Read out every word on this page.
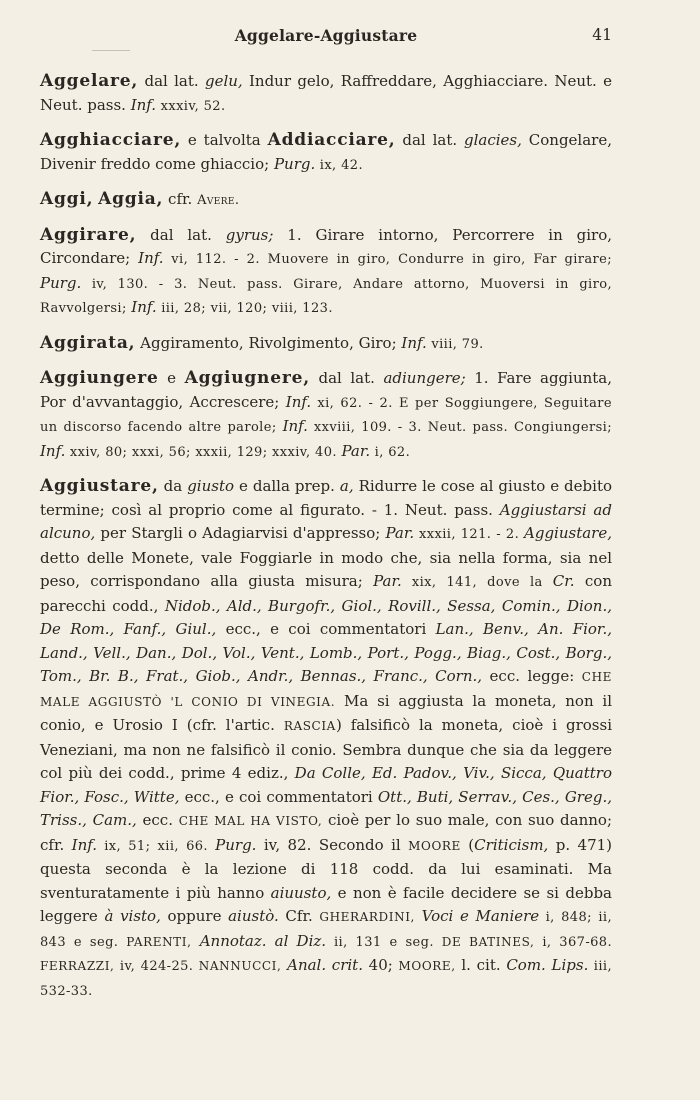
Aggelare-Aggiustare	41

Aggelare, dal lat. gelu, Indur gelo, Raffreddare, Agghiacciare. Neut. e Neut. pass. Inf. xxxiv, 52.

Agghiacciare, e talvolta Addiacciare, dal lat. glacies, Congelare, Divenir freddo come ghiaccio; Purg. ix, 42.

Aggi, Aggia, cfr. Avere.

Aggirare, dal lat. gyrus; 1. Girare intorno, Percorrere in giro, Circondare; Inf. vi, 112. - 2. Muovere in giro, Condurre in giro, Far girare; Purg. iv, 130. - 3. Neut. pass. Girare, Andare attorno, Muoversi in giro, Ravvolgersi; Inf. iii, 28; vii, 120; viii, 123.

Aggirata, Aggiramento, Rivolgimento, Giro; Inf. viii, 79.

Aggiungere e Aggiugnere, dal lat. adiungere; 1. Fare aggiunta, Por d'avvantaggio, Accrescere; Inf. xi, 62. - 2. E per Soggiungere, Seguitare un discorso facendo altre parole; Inf. xxviii, 109. - 3. Neut. pass. Congiungersi; Inf. xxiv, 80; xxxi, 56; xxxii, 129; xxxiv, 40. Par. i, 62.

Aggiustare, da giusto e dalla prep. a, Ridurre le cose al giusto e debito termine; così al proprio come al figurato. - 1. Neut. pass. Aggiustarsi ad alcuno, per Stargli o Adagiarvisi d'appresso; Par. xxxii, 121. - 2. Aggiustare, detto delle Monete, vale Foggiarle in modo che, sia nella forma, sia nel peso, corrispondano alla giusta misura; Par. xix, 141, dove la Cr. con parecchi codd., Nidob., Ald., Burgofr., Giol., Rovill., Sessa, Comin., Dion., De Rom., Fanf., Giul., ecc., e coi commentatori Lan., Benv., An. Fior., Land., Vell., Dan., Dol., Vol., Vent., Lomb., Port., Pogg., Biag., Cost., Borg., Tom., Br. B., Frat., Giob., Andr., Bennas., Franc., Corn., ecc. legge: CHE MALE AGGIUSTÒ 'L CONIO DI VINEGIA. Ma si aggiusta la moneta, non il conio, e Urosio I (cfr. l'artic. RASCIA) falsificò la moneta, cioè i grossi Veneziani, ma non ne falsificò il conio. Sembra dunque che sia da leggere col più dei codd., prime 4 ediz., Da Colle, Ed. Padov., Viv., Sicca, Quattro Fior., Fosc., Witte, ecc., e coi commentatori Ott., Buti, Serrav., Ces., Greg., Triss., Cam., ecc. CHE MAL HA VISTO, cioè per lo suo male, con suo danno; cfr. Inf. ix, 51; xii, 66. Purg. iv, 82. Secondo il MOORE (Criticism, p. 471) questa seconda è la lezione di 118 codd. da lui esaminati. Ma sventuratamente i più hanno aiuusto, e non è facile decidere se si debba leggere à visto, oppure aiustò. Cfr. GHERARDINI, Voci e Maniere i, 848; ii, 843 e seg. PARENTI, Annotaz. al Diz. ii, 131 e seg. DE BATINES, i, 367-68. FERRAZZI, iv, 424-25. NANNUCCI, Anal. crit. 40; MOORE, l. cit. Com. Lips. iii, 532-33.
